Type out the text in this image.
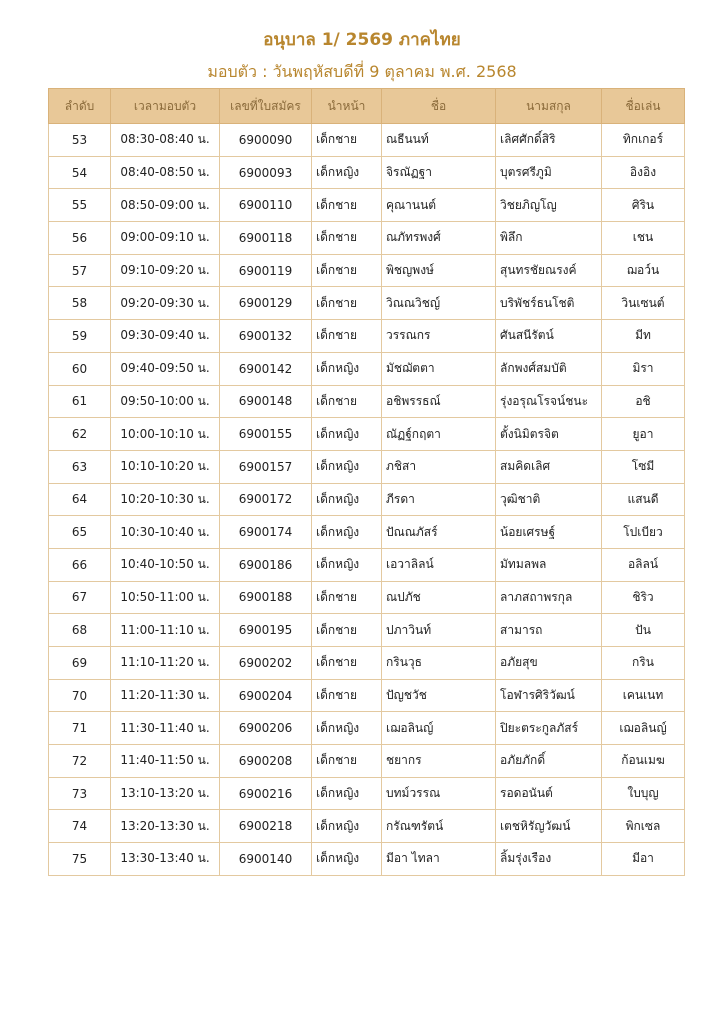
อนุบาล 1/ 2569 ภาคไทย
มอบตัว : วันพฤหัสบดีที่ 9 ตุลาคม พ.ศ. 2568
ลำดับ	เวลามอบตัว	เลขที่ใบสมัคร	นำหน้า	ชื่อ	นามสกุล	ชื่อเล่น
53	08:30-08:40 น.	6900090	เด็กชาย	ณธีนนท์	เลิศศักดิ์สิริ	ทิกเกอร์
54	08:40-08:50 น.	6900093	เด็กหญิง	จิรณัฏฐา	บุตรศรีภูมิ	อิงอิง
55	08:50-09:00 น.	6900110	เด็กชาย	คุณานนต์	วิชยภิญโญ	ศิริน
56	09:00-09:10 น.	6900118	เด็กชาย	ณภัทรพงศ์	พิลึก	เชน
57	09:10-09:20 น.	6900119	เด็กชาย	พิชญพงษ์	สุนทรชัยณรงค์	ฌอว์น
58	09:20-09:30 น.	6900129	เด็กชาย	วิณณวิชญ์	บริพัชร์ธนโชติ	วินเซนต์
59	09:30-09:40 น.	6900132	เด็กชาย	วรรณกร	ศันสนีรัตน์	มีท
60	09:40-09:50 น.	6900142	เด็กหญิง	มัชฌัตตา	ลักพงศ์สมบัติ	มิรา
61	09:50-10:00 น.	6900148	เด็กชาย	อชิพรรธณ์	รุ่งอรุณโรจน์ชนะ	อชิ
62	10:00-10:10 น.	6900155	เด็กหญิง	ณัฏฐ์กฤตา	ตั้งนิมิตรจิต	ยูอา
63	10:10-10:20 น.	6900157	เด็กหญิง	ภชิสา	สมคิดเลิศ	โซมี
64	10:20-10:30 น.	6900172	เด็กหญิง	ภีรดา	วุฒิชาติ	แสนดี
65	10:30-10:40 น.	6900174	เด็กหญิง	ปัณณภัสร์	น้อยเศรษฐ์	โปเบียว
66	10:40-10:50 น.	6900186	เด็กหญิง	เอวาลิลน์	มัทมลพล	อลิลน์
67	10:50-11:00 น.	6900188	เด็กชาย	ณปภัช	ลาภสถาพรกุล	ชิริว
68	11:00-11:10 น.	6900195	เด็กชาย	ปภาวินท์	สามารถ	ปัน
69	11:10-11:20 น.	6900202	เด็กชาย	กรินวุธ	อภัยสุข	กริน
70	11:20-11:30 น.	6900204	เด็กชาย	ปัญชวัช	โอฬารศิริวัฒน์	เคนเนท
71	11:30-11:40 น.	6900206	เด็กหญิง	เฌอลินญ์	ปิยะตระกูลภัสร์	เฌอลินญ์
72	11:40-11:50 น.	6900208	เด็กชาย	ชยากร	อภัยภักดิ์	ก้อนเมฆ
73	13:10-13:20 น.	6900216	เด็กหญิง	บทม์วรรณ	รอดอนันต์	ใบบุญ
74	13:20-13:30 น.	6900218	เด็กหญิง	กรัณฑรัตน์	เตชหิรัญวัฒน์	พิกเซล
75	13:30-13:40 น.	6900140	เด็กหญิง	มีอา ไทลา	ลิ้มรุ่งเรือง	มีอา
